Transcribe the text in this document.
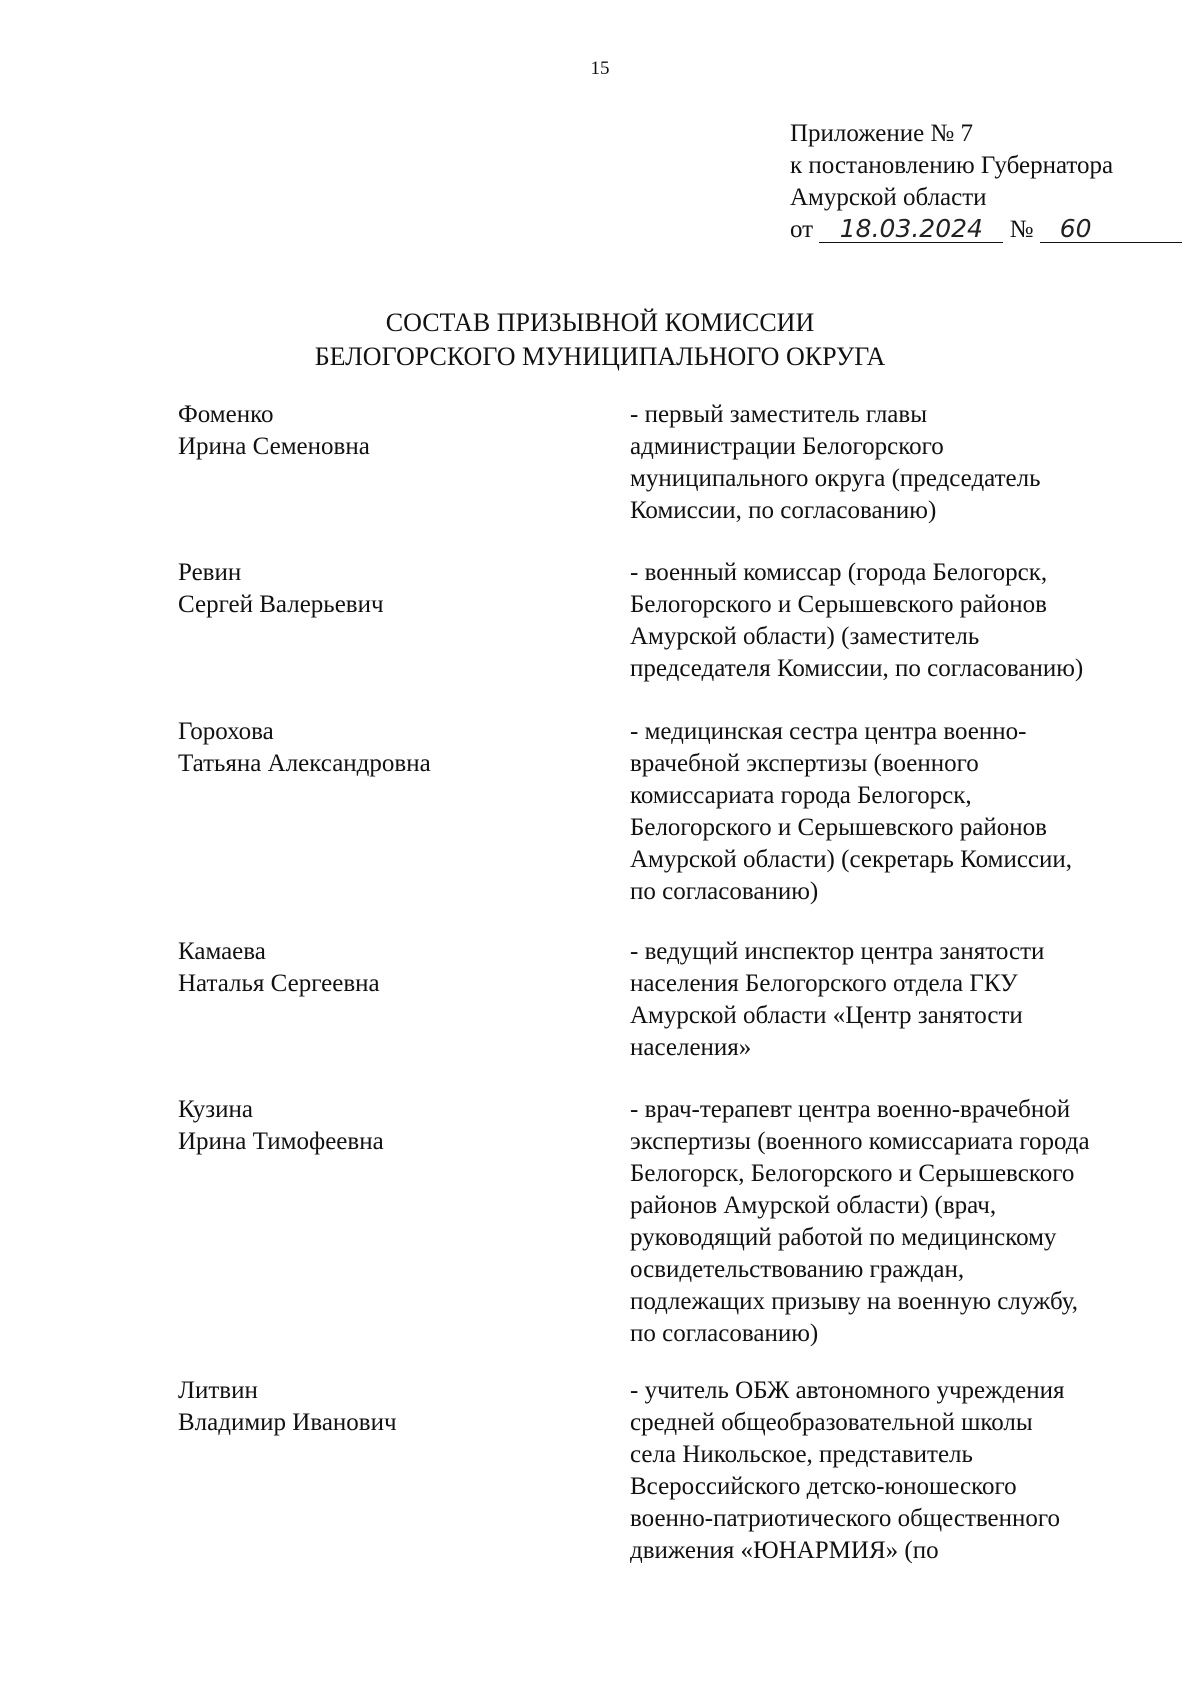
15
Приложение № 7
к постановлению Губернатора
Амурской области
от 18.03.2024 № 60
СОСТАВ ПРИЗЫВНОЙ КОМИССИИ
БЕЛОГОРСКОГО МУНИЦИПАЛЬНОГО ОКРУГА
Фоменко
Ирина Семеновна
- первый заместитель главы
администрации Белогорского
муниципального округа (председатель
Комиссии, по согласованию)
Ревин
Сергей Валерьевич
- военный комиссар (города Белогорск,
Белогорского и Серышевского районов
Амурской области) (заместитель
председателя Комиссии, по согласованию)
Горохова
Татьяна Александровна
- медицинская сестра центра военно-
врачебной экспертизы (военного
комиссариата города Белогорск,
Белогорского и Серышевского районов
Амурской области) (секретарь Комиссии,
по согласованию)
Камаева
Наталья Сергеевна
- ведущий инспектор центра занятости
населения Белогорского отдела ГКУ
Амурской области «Центр занятости
населения»
Кузина
Ирина Тимофеевна
- врач-терапевт центра военно-врачебной
экспертизы (военного комиссариата города
Белогорск, Белогорского и Серышевского
районов Амурской области) (врач,
руководящий работой по медицинскому
освидетельствованию граждан,
подлежащих призыву на военную службу,
по согласованию)
Литвин
Владимир Иванович
- учитель ОБЖ автономного учреждения
средней общеобразовательной школы
села Никольское, представитель
Всероссийского детско-юношеского
военно-патриотического общественного
движения «ЮНАРМИЯ» (по
